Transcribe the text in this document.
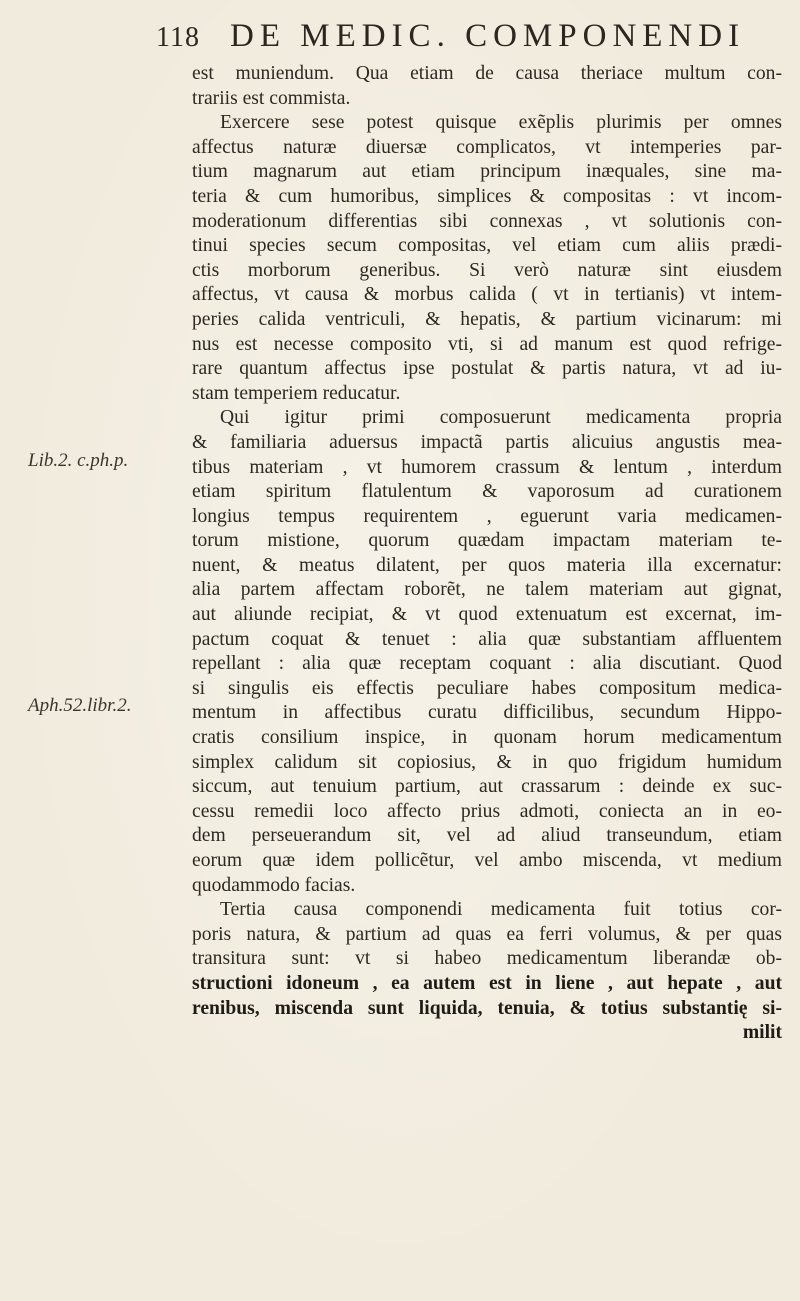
118 DE MEDIC. COMPONENDI
Lib.2. c.ph.p.
Aph.52.libr.2.
est muniendum. Qua etiam de causa theriace multum con-
trariis est commista.
Exercere sese potest quisque exẽplis plurimis per omnes
affectus naturæ diuersæ complicatos, vt intemperies par-
tium magnarum aut etiam principum inæquales, sine ma-
teria & cum humoribus, simplices & compositas : vt incom-
moderationum differentias sibi connexas , vt solutionis con-
tinui species secum compositas, vel etiam cum aliis prædi-
ctis morborum generibus. Si verò naturæ sint eiusdem
affectus, vt causa & morbus calida ( vt in tertianis) vt intem-
peries calida ventriculi, & hepatis, & partium vicinarum: mi
nus est necesse composito vti, si ad manum est quod refrige-
rare quantum affectus ipse postulat & partis natura, vt ad iu-
stam temperiem reducatur.
Qui igitur primi composuerunt medicamenta propria
& familiaria aduersus impactã partis alicuius angustis mea-
tibus materiam , vt humorem crassum & lentum , interdum
etiam spiritum flatulentum & vaporosum ad curationem
longius tempus requirentem , eguerunt varia medicamen-
torum mistione, quorum quædam impactam materiam te-
nuent, & meatus dilatent, per quos materia illa excernatur:
alia partem affectam roborẽt, ne talem materiam aut gignat,
aut aliunde recipiat, & vt quod extenuatum est excernat, im-
pactum coquat & tenuet : alia quæ substantiam affluentem
repellant : alia quæ receptam coquant : alia discutiant. Quod
si singulis eis effectis peculiare habes compositum medica-
mentum in affectibus curatu difficilibus, secundum Hippo-
cratis consilium inspice, in quonam horum medicamentum
simplex calidum sit copiosius, & in quo frigidum humidum
siccum, aut tenuium partium, aut crassarum : deinde ex suc-
cessu remedii loco affecto prius admoti, coniecta an in eo-
dem perseuerandum sit, vel ad aliud transeundum, etiam
eorum quæ idem pollicẽtur, vel ambo miscenda, vt medium
quodammodo facias.
Tertia causa componendi medicamenta fuit totius cor-
poris natura, & partium ad quas ea ferri volumus, & per quas
transitura sunt: vt si habeo medicamentum liberandæ ob-
structioni idoneum , ea autem est in liene , aut hepate , aut
renibus, miscenda sunt liquida, tenuia, & totius substantię si-
milit
